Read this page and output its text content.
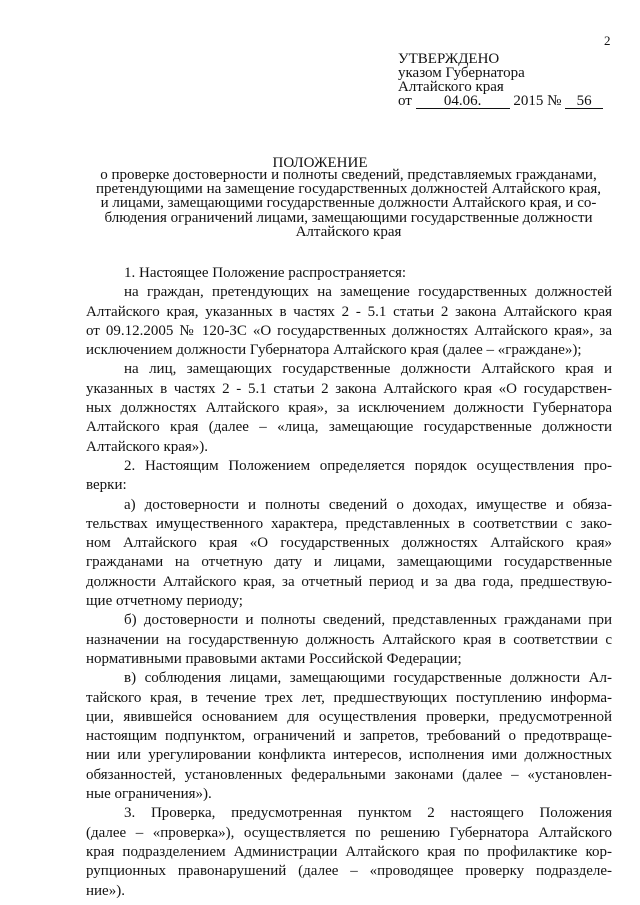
2
УТВЕРЖДЕНО
указом Губернатора
Алтайского края
от 04.06. 2015 № 56
ПОЛОЖЕНИЕ
о проверке достоверности и полноты сведений, представляемых гражданами,
претендующими на замещение государственных должностей Алтайского края,
и лицами, замещающими государственные должности Алтайского края, и со-
блюдения ограничений лицами, замещающими государственные должности
Алтайского края
1. Настоящее Положение распространяется:
на граждан, претендующих на замещение государственных должностей
Алтайского края, указанных в частях 2 - 5.1 статьи 2 закона Алтайского края
от 09.12.2005 № 120-ЗС «О государственных должностях Алтайского края», за
исключением должности Губернатора Алтайского края (далее – «граждане»);
на лиц, замещающих государственные должности Алтайского края и
указанных в частях 2 - 5.1 статьи 2 закона Алтайского края «О государствен-
ных должностях Алтайского края», за исключением должности Губернатора
Алтайского края (далее – «лица, замещающие государственные должности
Алтайского края»).
2. Настоящим Положением определяется порядок осуществления про-
верки:
а) достоверности и полноты сведений о доходах, имуществе и обяза-
тельствах имущественного характера, представленных в соответствии с зако-
ном Алтайского края «О государственных должностях Алтайского края»
гражданами на отчетную дату и лицами, замещающими государственные
должности Алтайского края, за отчетный период и за два года, предшествую-
щие отчетному периоду;
б) достоверности и полноты сведений, представленных гражданами при
назначении на государственную должность Алтайского края в соответствии с
нормативными правовыми актами Российской Федерации;
в) соблюдения лицами, замещающими государственные должности Ал-
тайского края, в течение трех лет, предшествующих поступлению информа-
ции, явившейся основанием для осуществления проверки, предусмотренной
настоящим подпунктом, ограничений и запретов, требований о предотвраще-
нии или урегулировании конфликта интересов, исполнения ими должностных
обязанностей, установленных федеральными законами (далее – «установлен-
ные ограничения»).
3. Проверка, предусмотренная пунктом 2 настоящего Положения
(далее – «проверка»), осуществляется по решению Губернатора Алтайского
края подразделением Администрации Алтайского края по профилактике кор-
рупционных правонарушений (далее – «проводящее проверку подразделе-
ние»).
